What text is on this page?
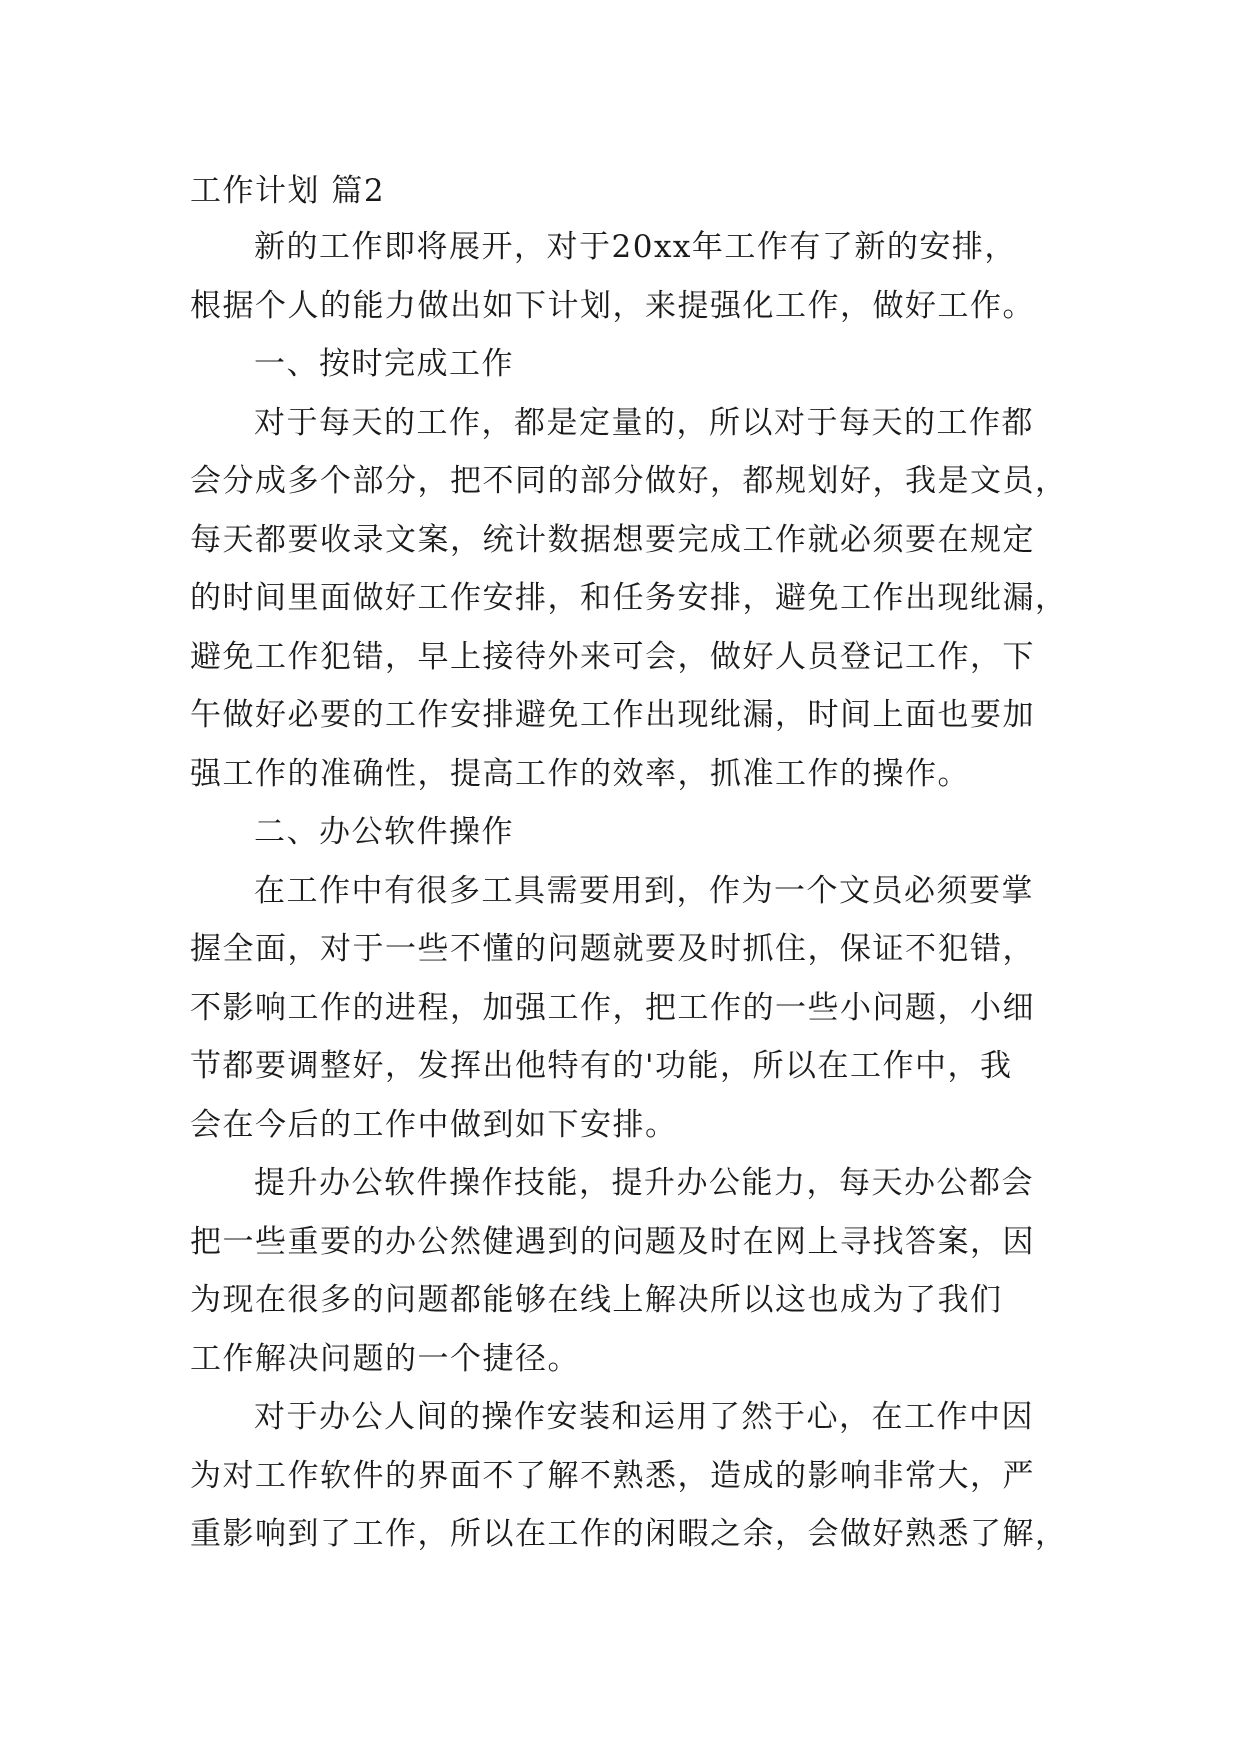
工作计划 篇2

新的工作即将展开，对于20xx年工作有了新的安排，

根据个人的能力做出如下计划，来提强化工作，做好工作。

一、按时完成工作

对于每天的工作，都是定量的，所以对于每天的工作都

会分成多个部分，把不同的部分做好，都规划好，我是文员，

每天都要收录文案，统计数据想要完成工作就必须要在规定

的时间里面做好工作安排，和任务安排，避免工作出现纰漏，

避免工作犯错，早上接待外来可会，做好人员登记工作，下

午做好必要的工作安排避免工作出现纰漏，时间上面也要加

强工作的准确性，提高工作的效率，抓准工作的操作。

二、办公软件操作

在工作中有很多工具需要用到，作为一个文员必须要掌

握全面，对于一些不懂的问题就要及时抓住，保证不犯错，

不影响工作的进程，加强工作，把工作的一些小问题，小细

节都要调整好，发挥出他特有的'功能，所以在工作中，我

会在今后的工作中做到如下安排。

提升办公软件操作技能，提升办公能力，每天办公都会

把一些重要的办公然健遇到的问题及时在网上寻找答案，因

为现在很多的问题都能够在线上解决所以这也成为了我们

工作解决问题的一个捷径。

对于办公人间的操作安装和运用了然于心，在工作中因

为对工作软件的界面不了解不熟悉，造成的影响非常大，严

重影响到了工作，所以在工作的闲暇之余，会做好熟悉了解，
